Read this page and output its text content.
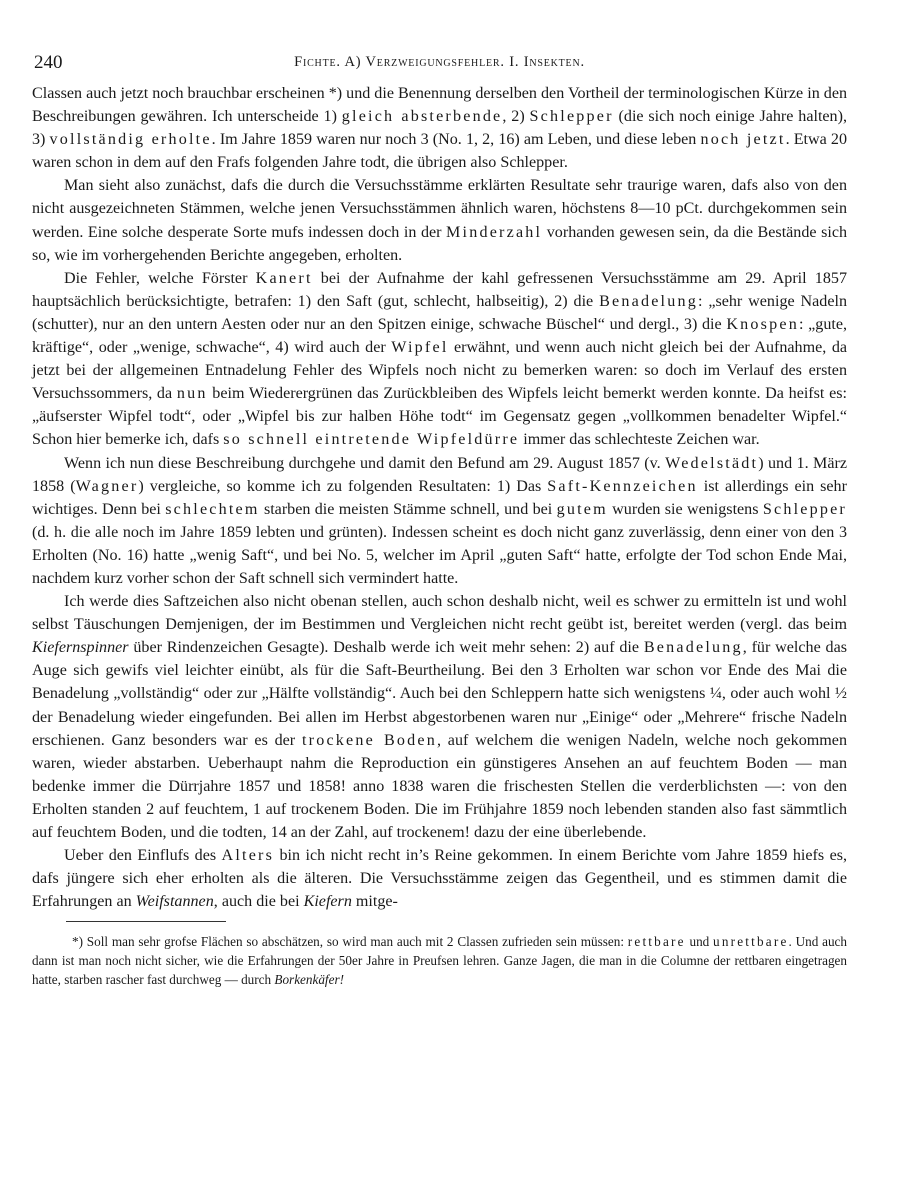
240	Fichte. A) Verzweigungsfehler. I. Insekten.

Classen auch jetzt noch brauchbar erscheinen *) und die Benennung derselben den Vortheil der terminologischen Kürze in den Beschreibungen gewähren. Ich unterscheide 1) gleich absterbende, 2) Schlepper (die sich noch einige Jahre halten), 3) vollständig erholte. Im Jahre 1859 waren nur noch 3 (No. 1, 2, 16) am Leben, und diese leben noch jetzt. Etwa 20 waren schon in dem auf den Frafs folgenden Jahre todt, die übrigen also Schlepper.

Man sieht also zunächst, dafs die durch die Versuchsstämme erklärten Resultate sehr traurige waren, dafs also von den nicht ausgezeichneten Stämmen, welche jenen Versuchsstämmen ähnlich waren, höchstens 8—10 pCt. durchgekommen sein werden. Eine solche desperate Sorte mufs indessen doch in der Minderzahl vorhanden gewesen sein, da die Bestände sich so, wie im vorhergehenden Berichte angegeben, erholten.

Die Fehler, welche Förster Kanert bei der Aufnahme der kahl gefressenen Versuchsstämme am 29. April 1857 hauptsächlich berücksichtigte, betrafen: 1) den Saft (gut, schlecht, halbseitig), 2) die Benadelung: „sehr wenige Nadeln (schutter), nur an den untern Aesten oder nur an den Spitzen einige, schwache Büschel“ und dergl., 3) die Knospen: „gute, kräftige“, oder „wenige, schwache“, 4) wird auch der Wipfel erwähnt, und wenn auch nicht gleich bei der Aufnahme, da jetzt bei der allgemeinen Entnadelung Fehler des Wipfels noch nicht zu bemerken waren: so doch im Verlauf des ersten Versuchssommers, da nun beim Wiederergrünen das Zurückbleiben des Wipfels leicht bemerkt werden konnte. Da heifst es: „äufserster Wipfel todt“, oder „Wipfel bis zur halben Höhe todt“ im Gegensatz gegen „vollkommen benadelter Wipfel.“ Schon hier bemerke ich, dafs so schnell eintretende Wipfeldürre immer das schlechteste Zeichen war.

Wenn ich nun diese Beschreibung durchgehe und damit den Befund am 29. August 1857 (v. Wedelstädt) und 1. März 1858 (Wagner) vergleiche, so komme ich zu folgenden Resultaten: 1) Das Saft-Kennzeichen ist allerdings ein sehr wichtiges. Denn bei schlechtem starben die meisten Stämme schnell, und bei gutem wurden sie wenigstens Schlepper (d. h. die alle noch im Jahre 1859 lebten und grünten). Indessen scheint es doch nicht ganz zuverlässig, denn einer von den 3 Erholten (No. 16) hatte „wenig Saft“, und bei No. 5, welcher im April „guten Saft“ hatte, erfolgte der Tod schon Ende Mai, nachdem kurz vorher schon der Saft schnell sich vermindert hatte.

Ich werde dies Saftzeichen also nicht obenan stellen, auch schon deshalb nicht, weil es schwer zu ermitteln ist und wohl selbst Täuschungen Demjenigen, der im Bestimmen und Vergleichen nicht recht geübt ist, bereitet werden (vergl. das beim Kiefernspinner über Rindenzeichen Gesagte). Deshalb werde ich weit mehr sehen: 2) auf die Benadelung, für welche das Auge sich gewifs viel leichter einübt, als für die Saft-Beurtheilung. Bei den 3 Erholten war schon vor Ende des Mai die Benadelung „vollständig“ oder zur „Hälfte vollständig“. Auch bei den Schleppern hatte sich wenigstens ¼, oder auch wohl ½ der Benadelung wieder eingefunden. Bei allen im Herbst abgestorbenen waren nur „Einige“ oder „Mehrere“ frische Nadeln erschienen. Ganz besonders war es der trockene Boden, auf welchem die wenigen Nadeln, welche noch gekommen waren, wieder abstarben. Ueberhaupt nahm die Reproduction ein günstigeres Ansehen an auf feuchtem Boden — man bedenke immer die Dürrjahre 1857 und 1858! anno 1838 waren die frischesten Stellen die verderblichsten —: von den Erholten standen 2 auf feuchtem, 1 auf trockenem Boden. Die im Frühjahre 1859 noch lebenden standen also fast sämmtlich auf feuchtem Boden, und die todten, 14 an der Zahl, auf trockenem! dazu der eine überlebende.

Ueber den Einflufs des Alters bin ich nicht recht in’s Reine gekommen. In einem Berichte vom Jahre 1859 hiefs es, dafs jüngere sich eher erholten als die älteren. Die Versuchsstämme zeigen das Gegentheil, und es stimmen damit die Erfahrungen an Weifstannen, auch die bei Kiefern mitge-

*) Soll man sehr grofse Flächen so abschätzen, so wird man auch mit 2 Classen zufrieden sein müssen: rettbare und unrettbare. Und auch dann ist man noch nicht sicher, wie die Erfahrungen der 50er Jahre in Preufsen lehren. Ganze Jagen, die man in die Columne der rettbaren eingetragen hatte, starben rascher fast durchweg — durch Borkenkäfer!
